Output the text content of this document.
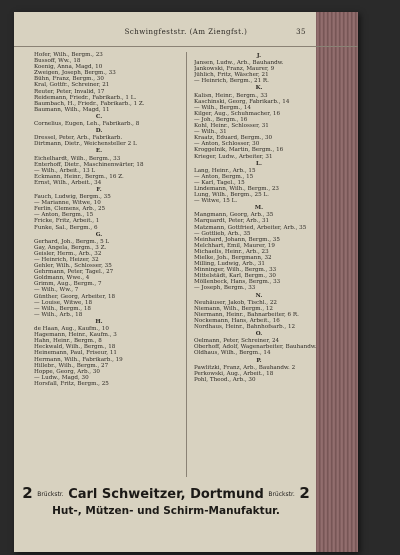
Schwingfeststr. (Am Ziengfst.)	35
Hofer, Wilh., Bergm., 23
Bussoff, Ww., 18
Koenig, Anna, Magd, 10
Zweigen, Joseph, Bergm., 33
Bühn, Franz, Bergm., 30
Kral, Gottfr., Schreiner, 21
Reuter, Peter, Invalid, 17
Reidemann, Friedr., Fabrikarb., 1 L.
Baumbach, H., Friedr., Fabrikarb., 1 Z.
Baumann, Wilh., Magd, 11
C.
Cornelius, Eugen, Leh., Fabrikarb., 8
D.
Dressel, Peter, Arb., Fabrikarb.
Dirtmann, Dietr., Weichensteller 2 L
E.
Eichelhardt, Wilh., Bergm., 33
Enterhoff, Dietr., Maschinenwärter, 18
— Wilh., Arbeit., 13 L
Eckmann, Heinr., Bergm., 16 Z.
Ernst, Wilh., Arbeit., 34
F.
Fauch, Ludwig, Bergm., 35
— Marianne, Witwe, 10
Ferlin, Clemens, Arb., 25
— Anton, Bergm., 15
Fricke, Fritz, Arbeit., 1
Funke, Sal., Bergm., 6
G.
Gerhard, Joh., Bergm., 5 L
Gay, Angela, Bergm., 3 Z.
Geisler, Herm., Arb., 32
— Heinrich, Heizer, 32
Gehler, Wilh., Schlosser, 35
Gehrmann, Peter, Tagel., 27
Goldmann, Wwe., 4
Grimm, Aug., Bergm., 7
— Wilh., Ww., 7
Günther, Georg, Arbeiter, 18
— Louise, Witwe, 18
— Wilh., Bergm., 18
— Wilh., Arb., 18
H.
de Haan, Aug., Kaufm., 10
Hagemann, Heinr., Kaufm., 3
Hahn, Heinr., Bergm., 8
Heckwald, Wilh., Bergm., 18
Heinemann, Paul, Friseur, 11
Hermann, Wilh., Fabrikarb., 19
Hillebr., Wilh., Bergm., 27
Hoppe, Georg, Arb., 30
— Ludw., Magd, 30
Horsfall, Fritz, Bergm., 25
J.
Jansen, Ludw., Arb., Bauhandw.
Jankowski, Franz, Maurer, 9
Jühlich, Fritz, Wäscher, 21
— Heinrich, Bergm., 21 R.
K.
Kalisn, Heinr., Bergm., 33
Kaschinski, Georg, Fabrikarb., 14
— Wilh., Bergm., 14
Kilger, Aug., Schuhmacher, 16
— Joh., Bergm., 16
Kohl, Heinr., Schlosser, 31
— Wilh., 31
Kraatz, Eduard, Bergm., 30
— Anton, Schlosser, 30
Kroggelnik, Martin, Bergm., 16
Krieger, Ludw., Arbeiter, 31
L.
Lang, Heinr., Arb., 15
— Anton, Bergm., 15
— Karl, Tagel., 15
Lindemann, Wilh., Bergm., 23
Lung, Wilh., Bergm., 25 L.
— Witwe, 15 L.
M.
Mangmann, Georg, Arb., 35
Marquardt, Peter, Arb., 31
Matzmann, Gottfried, Arbeiter, Arb., 35
— Gottlieb, Arb., 35
Meinhard, Johann, Bergm., 35
Melchhart, Emil, Maurer, 19
Michaelis, Heinr., Arb., 23
Mielke, Joh., Bergmann, 32
Milling, Ludwig, Arb., 31
Minninger, Wilh., Bergm., 33
Mittelstädt, Karl, Bergm., 30
Möllenbeck, Hans, Bergm., 33
— Joseph, Bergm., 33
N.
Neuhäuser, Jakob, Tischl., 22
Niemann, Wilh., Bergm., 12
Niermann, Heinr., Bahnarbeiter, 6 R.
Nockemann, Hans, Arbeit., 16
Nordhaus, Heinr., Bahnhofsarb., 12
O.
Oelmann, Peter, Schreiner, 24
Oberhoff, Adolf, Wagenarbeiter, Bauhandw.
Oldhaus, Wilh., Bergm., 14
P.
Pawlitzki, Franz, Arb., Bauhandw. 2
Perkowski, Aug., Arbeit., 18
Pohl, Theod., Arb., 30
2 Brückstr. Carl Schweitzer, Dortmund Brückstr. 2
Hut-, Mützen- und Schirm-Manufaktur.
